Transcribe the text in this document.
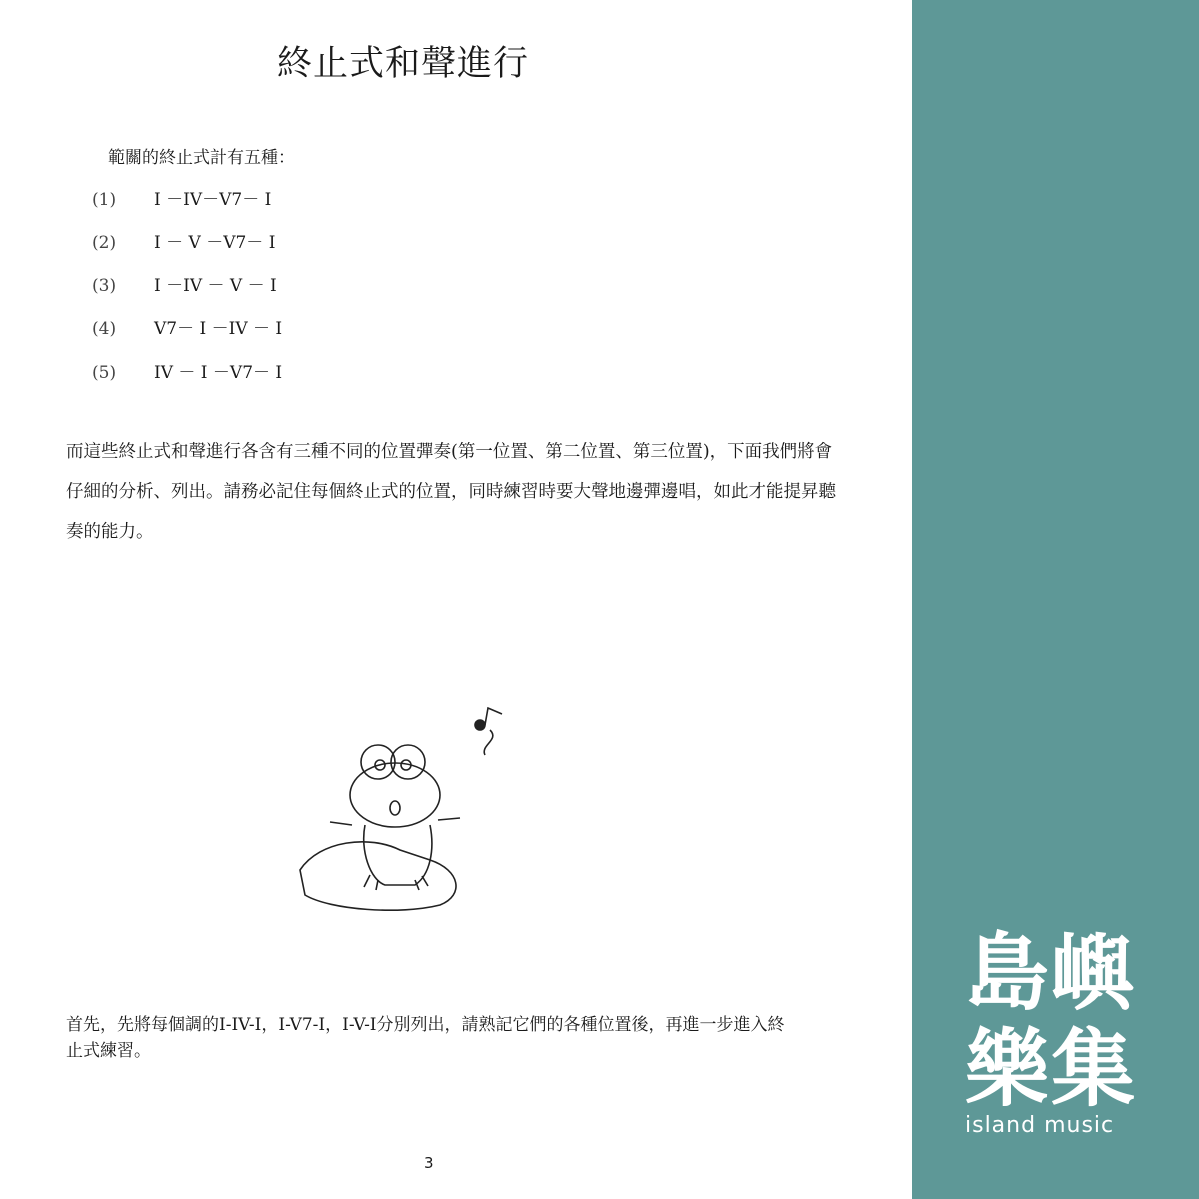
終止式和聲進行
範關的終止式計有五種：
(1) I －IV－V7－ I
(2) I － V －V7－ I
(3) I －IV － V － I
(4) V7－ I －IV － I
(5) IV － I －V7－ I
而這些終止式和聲進行各含有三種不同的位置彈奏(第一位置、第二位置、第三位置)，下面我們將會仔細的分析、列出。請務必記住每個終止式的位置，同時練習時要大聲地邊彈邊唱，如此才能提昇聽奏的能力。
首先，先將每個調的I-IV-I，I-V7-I，I-V-I分別列出，請熟記它們的各種位置後，再進一步進入終止式練習。
3
島嶼樂集
island music
